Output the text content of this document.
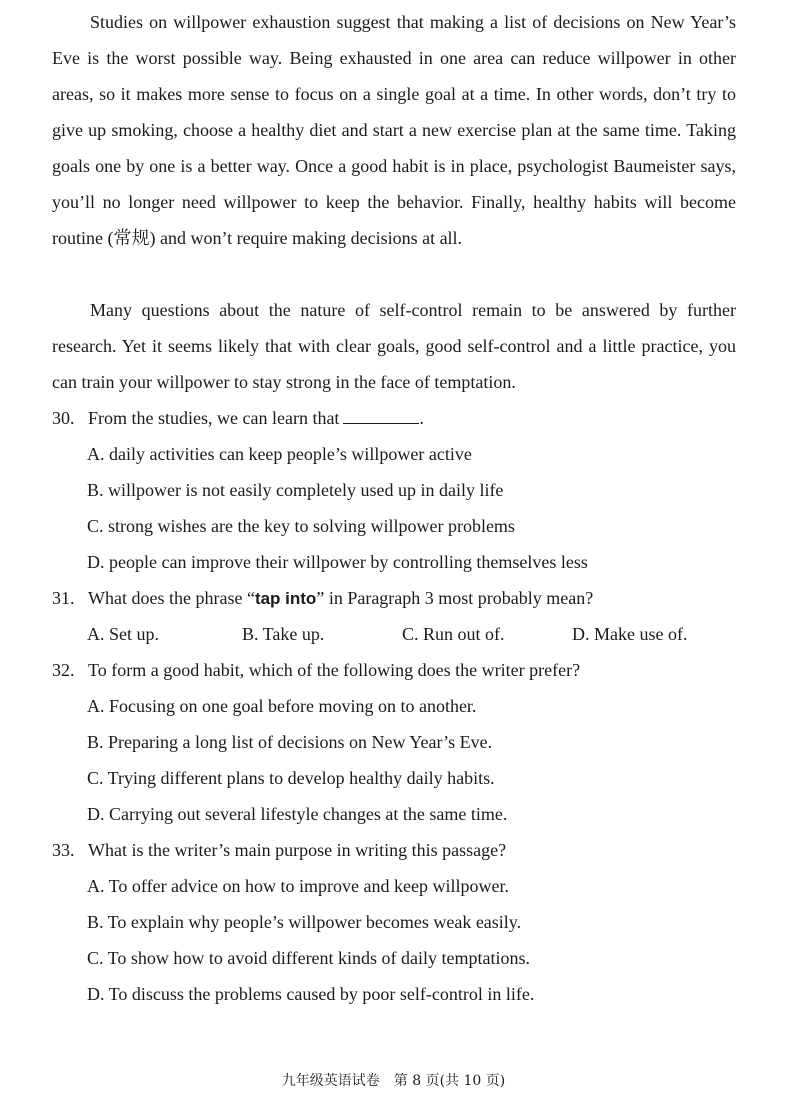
Studies on willpower exhaustion suggest that making a list of decisions on New Year’s Eve is the worst possible way. Being exhausted in one area can reduce willpower in other areas, so it makes more sense to focus on a single goal at a time. In other words, don’t try to give up smoking, choose a healthy diet and start a new exercise plan at the same time. Taking goals one by one is a better way. Once a good habit is in place, psychologist Baumeister says, you’ll no longer need willpower to keep the behavior. Finally, healthy habits will become routine (常规) and won’t require making decisions at all.

Many questions about the nature of self-control remain to be answered by further research. Yet it seems likely that with clear goals, good self-control and a little practice, you can train your willpower to stay strong in the face of temptation.

30. From the studies, we can learn that	.
A. daily activities can keep people’s willpower active
B. willpower is not easily completely used up in daily life
C. strong wishes are the key to solving willpower problems
D. people can improve their willpower by controlling themselves less
31. What does the phrase “tap into” in Paragraph 3 most probably mean?
A. Set up.	B. Take up.	C. Run out of.	D. Make use of.
32. To form a good habit, which of the following does the writer prefer?
A. Focusing on one goal before moving on to another.
B. Preparing a long list of decisions on New Year’s Eve.
C. Trying different plans to develop healthy daily habits.
D. Carrying out several lifestyle changes at the same time.
33. What is the writer’s main purpose in writing this passage?
A. To offer advice on how to improve and keep willpower.
B. To explain why people’s willpower becomes weak easily.
C. To show how to avoid different kinds of daily temptations.
D. To discuss the problems caused by poor self-control in life.
九年级英语试卷　第 8 页(共 10 页)
